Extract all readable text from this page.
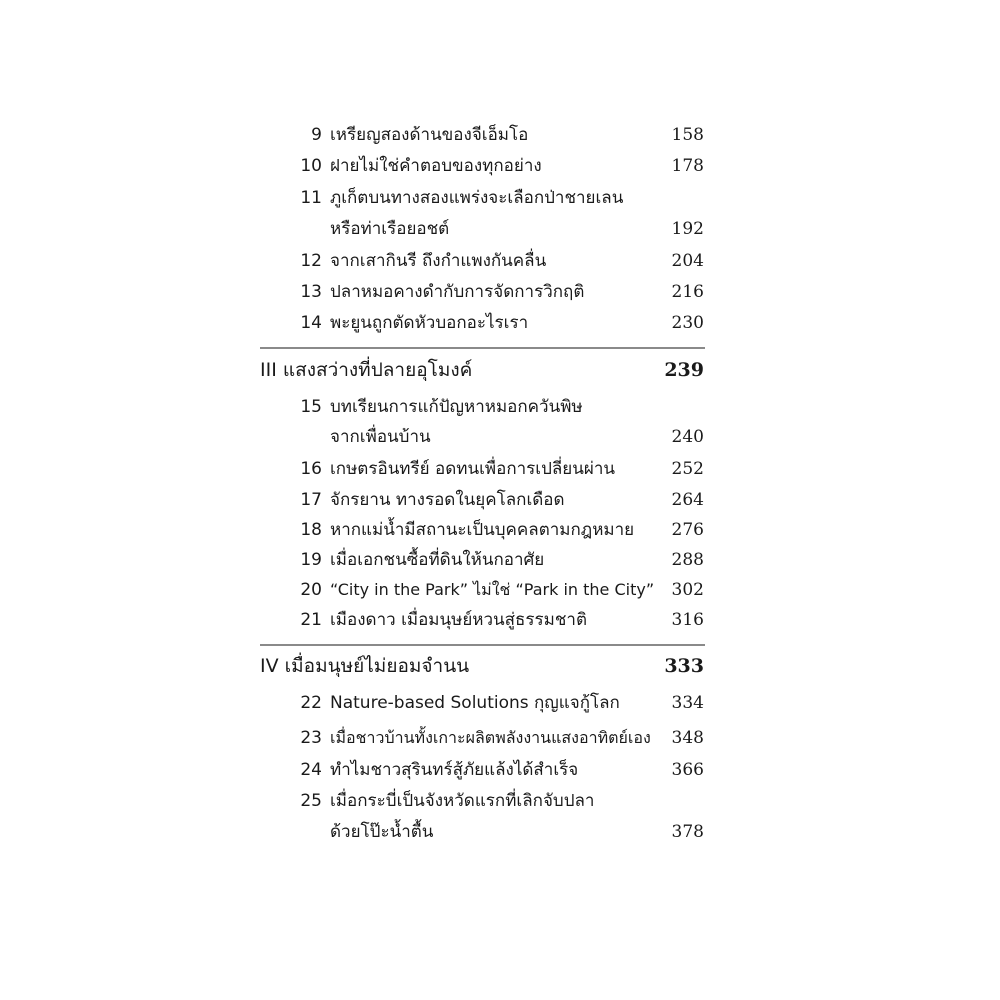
9 เหรียญสองด้านของจีเอ็มโอ	158
10 ฝายไม่ใช่คำตอบของทุกอย่าง	178
11 ภูเก็ตบนทางสองแพร่งจะเลือกป่าชายเลน
หรือท่าเรือยอชต์	192
12 จากเสากินรี ถึงกำแพงกันคลื่น	204
13 ปลาหมอคางดำกับการจัดการวิกฤติ	216
14 พะยูนถูกตัดหัวบอกอะไรเรา	230
III แสงสว่างที่ปลายอุโมงค์	239
15 บทเรียนการแก้ปัญหาหมอกควันพิษ
จากเพื่อนบ้าน	240
16 เกษตรอินทรีย์ อดทนเพื่อการเปลี่ยนผ่าน	252
17 จักรยาน ทางรอดในยุคโลกเดือด	264
18 หากแม่น้ำมีสถานะเป็นบุคคลตามกฎหมาย	276
19 เมื่อเอกชนซื้อที่ดินให้นกอาศัย	288
20 “City in the Park” ไม่ใช่ “Park in the City”	302
21 เมืองดาว เมื่อมนุษย์หวนสู่ธรรมชาติ	316
IV เมื่อมนุษย์ไม่ยอมจำนน	333
22 Nature-based Solutions กุญแจกู้โลก	334
23 เมื่อชาวบ้านทั้งเกาะผลิตพลังงานแสงอาทิตย์เอง	348
24 ทำไมชาวสุรินทร์สู้ภัยแล้งได้สำเร็จ	366
25 เมื่อกระบี่เป็นจังหวัดแรกที่เลิกจับปลา
ด้วยโป๊ะน้ำตื้น	378
